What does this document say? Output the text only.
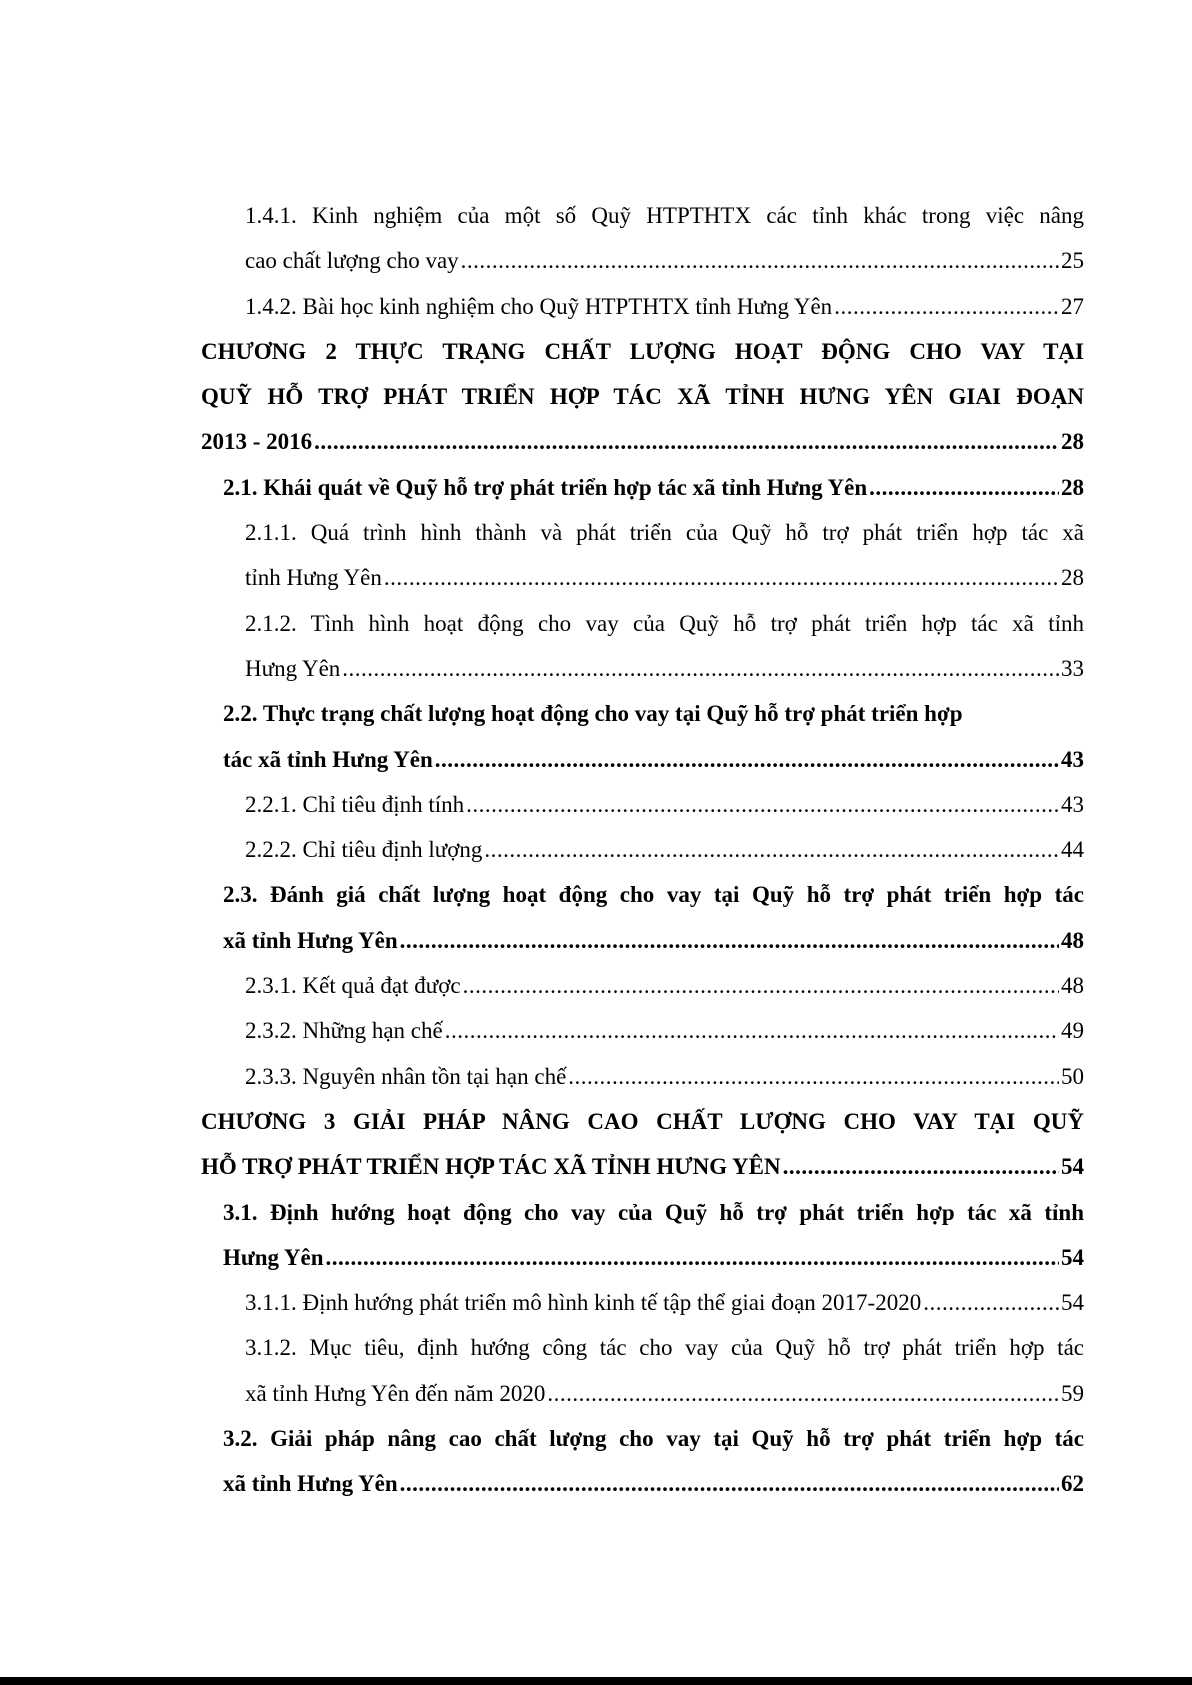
1.4.1. Kinh nghiệm của một số Quỹ HTPTHTX các tỉnh khác trong việc nâng
cao chất lượng cho vay .....	25
1.4.2. Bài học kinh nghiệm cho Quỹ HTPTHTX tỉnh Hưng Yên .....	27
CHƯƠNG 2 THỰC TRẠNG CHẤT LƯỢNG HOẠT ĐỘNG CHO VAY TẠI
QUỸ HỖ TRỢ PHÁT TRIỂN HỢP TÁC XÃ TỈNH HƯNG YÊN GIAI ĐOẠN
2013 - 2016 .....	28
2.1. Khái quát về Quỹ hỗ trợ phát triển hợp tác xã tỉnh Hưng Yên .....	28
2.1.1. Quá trình hình thành và phát triển của Quỹ hỗ trợ phát triển hợp tác xã
tỉnh Hưng Yên .....	28
2.1.2. Tình hình hoạt động cho vay của Quỹ hỗ trợ phát triển hợp tác xã tỉnh
Hưng Yên .....	33
2.2. Thực trạng chất lượng hoạt động cho vay tại Quỹ hỗ trợ phát triển hợp
tác xã tỉnh Hưng Yên .....	43
2.2.1. Chỉ tiêu định tính .....	43
2.2.2. Chỉ tiêu định lượng .....	44
2.3. Đánh giá chất lượng hoạt động cho vay tại Quỹ hỗ trợ phát triển hợp tác
xã tỉnh Hưng Yên .....	48
2.3.1. Kết quả đạt được .....	48
2.3.2. Những hạn chế .....	49
2.3.3. Nguyên nhân tồn tại hạn chế .....	50
CHƯƠNG 3 GIẢI PHÁP NÂNG CAO CHẤT LƯỢNG CHO VAY TẠI QUỸ
HỖ TRỢ PHÁT TRIỂN HỢP TÁC XÃ TỈNH HƯNG YÊN .....	54
3.1. Định hướng hoạt động cho vay của Quỹ hỗ trợ phát triển hợp tác xã tỉnh
Hưng Yên .....	54
3.1.1. Định hướng phát triển mô hình kinh tế tập thể giai đoạn 2017-2020 .....	54
3.1.2. Mục tiêu, định hướng công tác cho vay của Quỹ hỗ trợ phát triển hợp tác
xã tỉnh Hưng Yên đến năm 2020 .....	59
3.2. Giải pháp nâng cao chất lượng cho vay tại Quỹ hỗ trợ phát triển hợp tác
xã tỉnh Hưng Yên .....	62
